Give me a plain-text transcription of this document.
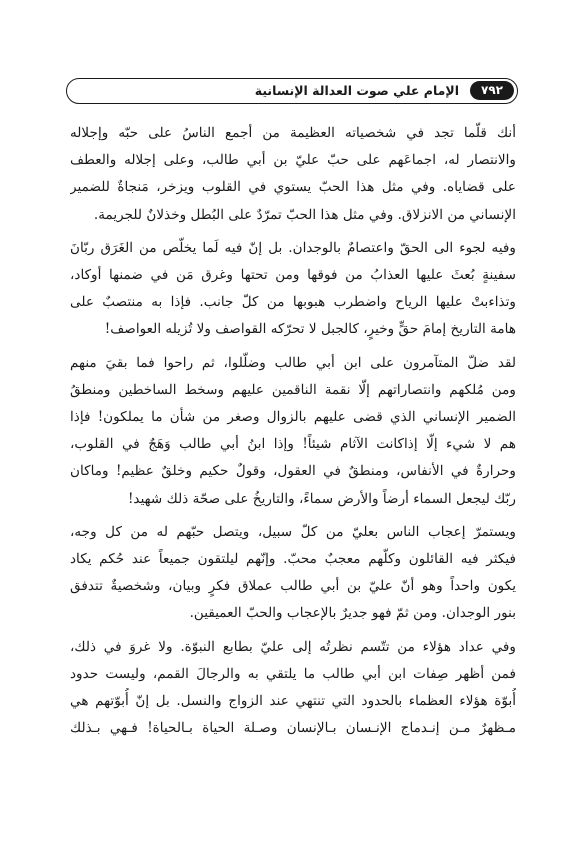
٧٩٢
الإمام علي صوت العدالة الإنسانية
أنك قلّما تجد في شخصياته العظيمة من أجمع الناسُ على حبّه وإجلاله
والانتصار له، اجماعَهم على حبّ عليّ بن أبي طالب، وعلى إجلاله والعطف
على قضاياه. وفي مثل هذا الحبّ يستوي في القلوب ويزخر، مَنجاةٌ للضمير
الإنساني من الانزلاق. وفي مثل هذا الحبّ تمرّدٌ على البُطل وخذلانٌ للجريمة.
وفيه لجوء الى الحقّ واعتصامٌ بالوجدان. بل إنّ فيه لَما يخلّص من الغَرَق ربّانَ
سفينةٍ بُعثَ عليها العذابُ من فوقها ومن تحتها وغرق مَن في ضمنها أوكاد،
وتذاءبتْ عليها الرياح واضطرب هبوبها من كلّ جانب. فإذا به منتصبٌ على
هامة التاريخ إمامَ حقٍّ وخيرٍ، كالجبل لا تحرّكه القواصف ولا تُزيله العواصف!
لقد ضلّ المتآمرون على ابن أبي طالب وضلّلوا، ثم راحوا فما بقيَ منهم
ومن مُلكهم وانتصاراتهم إلّا نقمة الناقمين عليهم وسخط الساخطين ومنطقُ
الضمير الإنساني الذي قضى عليهم بالزوال وصغر من شأن ما يملكون! فإذا
هم لا شيء إلّا إذاكانت الآثام شيئاً! وإذا ابنُ أبي طالب وَهَجٌ في القلوب،
وحرارةٌ في الأنفاس، ومنطقٌ في العقول، وقولٌ حكيم وخلقٌ عظيم! وماكان
ربّك ليجعل السماء أرضاً والأرض سماءً، والتاريخُ على صحّة ذلك شهيد!
ويستمرّ إعجاب الناس بعليّ من كلّ سبيل، ويتصل حبّهم له من كل وجه،
فيكثر فيه القائلون وكلّهم معجبٌ محبّ. وإنّهم ليلتقون جميعاً عند حُكم يكاد
يكون واحداً وهو أنّ عليّ بن أبي طالب عملاق فكرٍ وبيان، وشخصيةٌ تتدفق
بنور الوجدان. ومن ثمّ فهو جديرٌ بالإعجاب والحبّ العميقين.
وفي عداد هؤلاء من تتّسم نظرتُه إلى عليّ بطابع النبوّة. ولا غروَ في ذلك،
فمن أظهر صِفات ابن أبي طالب ما يلتقي به والرجالَ القمم، وليست حدود
أُبوّة هؤلاء العظماء بالحدود التي تنتهي عند الزواج والنسل. بل إنّ أُبوّتهم هي
مـظهرٌ مـن إنـدماج الإنـسان بـالإنسان وصـلة الحياة بـالحياة! فـهي بـذلك
